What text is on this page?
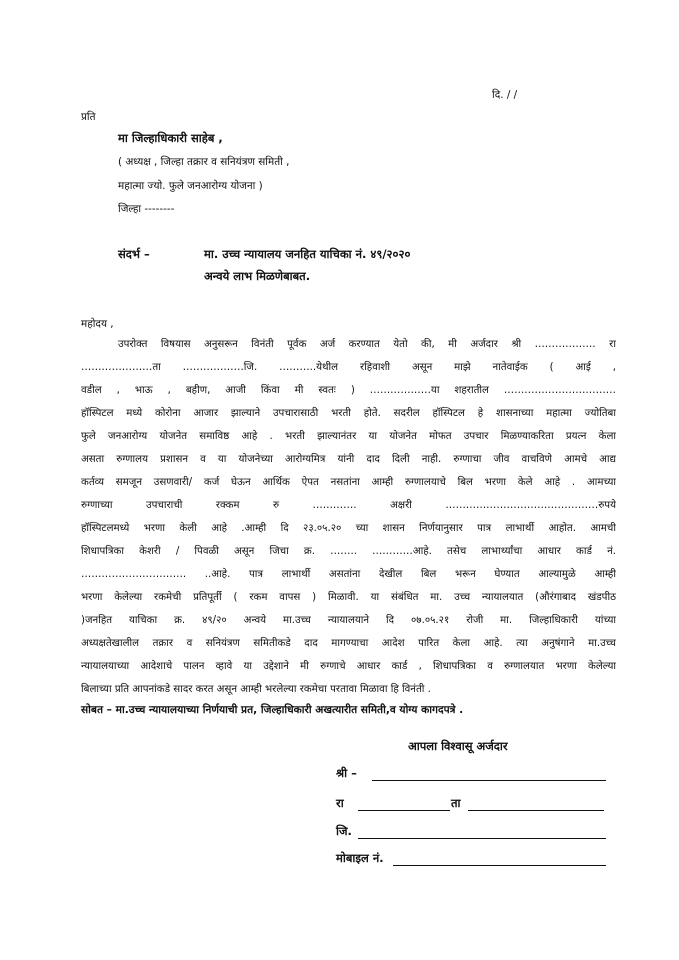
दि. / /
प्रति
मा जिल्हाधिकारी साहेब ,
( अध्यक्ष , जिल्हा तक्रार व सनियंत्रण समिती ,
महात्मा ज्यो. फुले जनआरोग्य योजना )
जिल्हा --------
संदर्भ –	मा. उच्च न्यायालय जनहित याचिका नं. ४९/२०२०
अन्वये लाभ मिळणेबाबत.
महोदय ,
उपरोक्त विषयास अनुसरून विनंती पूर्वक अर्ज करण्यात येतो की, मी अर्जदार श्री ……………… रा
…………………ता ………………जि. ………..येथील रहिवाशी असून माझे नातेवाईक ( आई ,
वडील , भाऊ , बहीण, आजी किंवा मी स्वतः ) ………………या शहरातील ……………………………
हॉस्पिटल मध्ये कोरोना आजार झाल्याने उपचारासाठी भरती होते. सदरील हॉस्पिटल हे शासनाच्या महात्मा ज्योतिबा
फुले जनआरोग्य योजनेत समाविष्ठ आहे . भरती झाल्यानंतर या योजनेत मोफत उपचार मिळण्याकरिता प्रयत्न केला
असता रुग्णालय प्रशासन व या योजनेच्या आरोग्यमित्र यांनी दाद दिली नाही. रुग्णाचा जीव वाचविणे आमचे आद्य
कर्तव्य समजून उसणवारी/ कर्ज घेऊन आर्थिक ऐपत नसतांना आम्ही रुग्णालयाचे बिल भरणा केले आहे . आमच्या
रुग्णाच्या उपचाराची रक्कम रु …………. अक्षरी ………………………………………रुपये
हॉस्पिटलमध्ये भरणा केली आहे .आम्ही दि २३.०५.२० च्या शासन निर्णयानुसार पात्र लाभार्थी आहोत. आमची
शिधापत्रिका केशरी / पिवळी असून जिचा क्र. …….. …………आहे. तसेच लाभार्थ्यांचा आधार कार्ड नं.
…………………………. ..आहे. पात्र लाभार्थी असतांना देखील बिल भरून घेण्यात आल्यामुळे आम्ही
भरणा केलेल्या रकमेची प्रतिपूर्ती ( रकम वापस ) मिळावी. या संबंधित मा. उच्च न्यायालयात (औरंगाबाद खंडपीठ
)जनहित याचिका क्र. ४९/२० अन्वये मा.उच्च न्यायालयाने दि ०७.०५.२१ रोजी मा. जिल्हाधिकारी यांच्या
अध्यक्षतेखालील तक्रार व सनियंत्रण समितीकडे दाद मागण्याचा आदेश पारित केला आहे. त्या अनुषंगाने मा.उच्च
न्यायालयाच्या आदेशाचे पालन व्हावे या उद्देशाने मी रुग्णाचे आधार कार्ड , शिधापत्रिका व रुग्णालयात भरणा केलेल्या
बिलाच्या प्रति आपनांकडे सादर करत असून आम्ही भरलेल्या रकमेचा परतावा मिळावा हि विनंती .
सोबत – मा.उच्च न्यायालयाच्या निर्णयाची प्रत, जिल्हाधिकारी अखत्यारीत समिती,व योग्य कागदपत्रे .
आपला विश्वासू अर्जदार
श्री –
रा	ता
जि.
मोबाइल नं.
